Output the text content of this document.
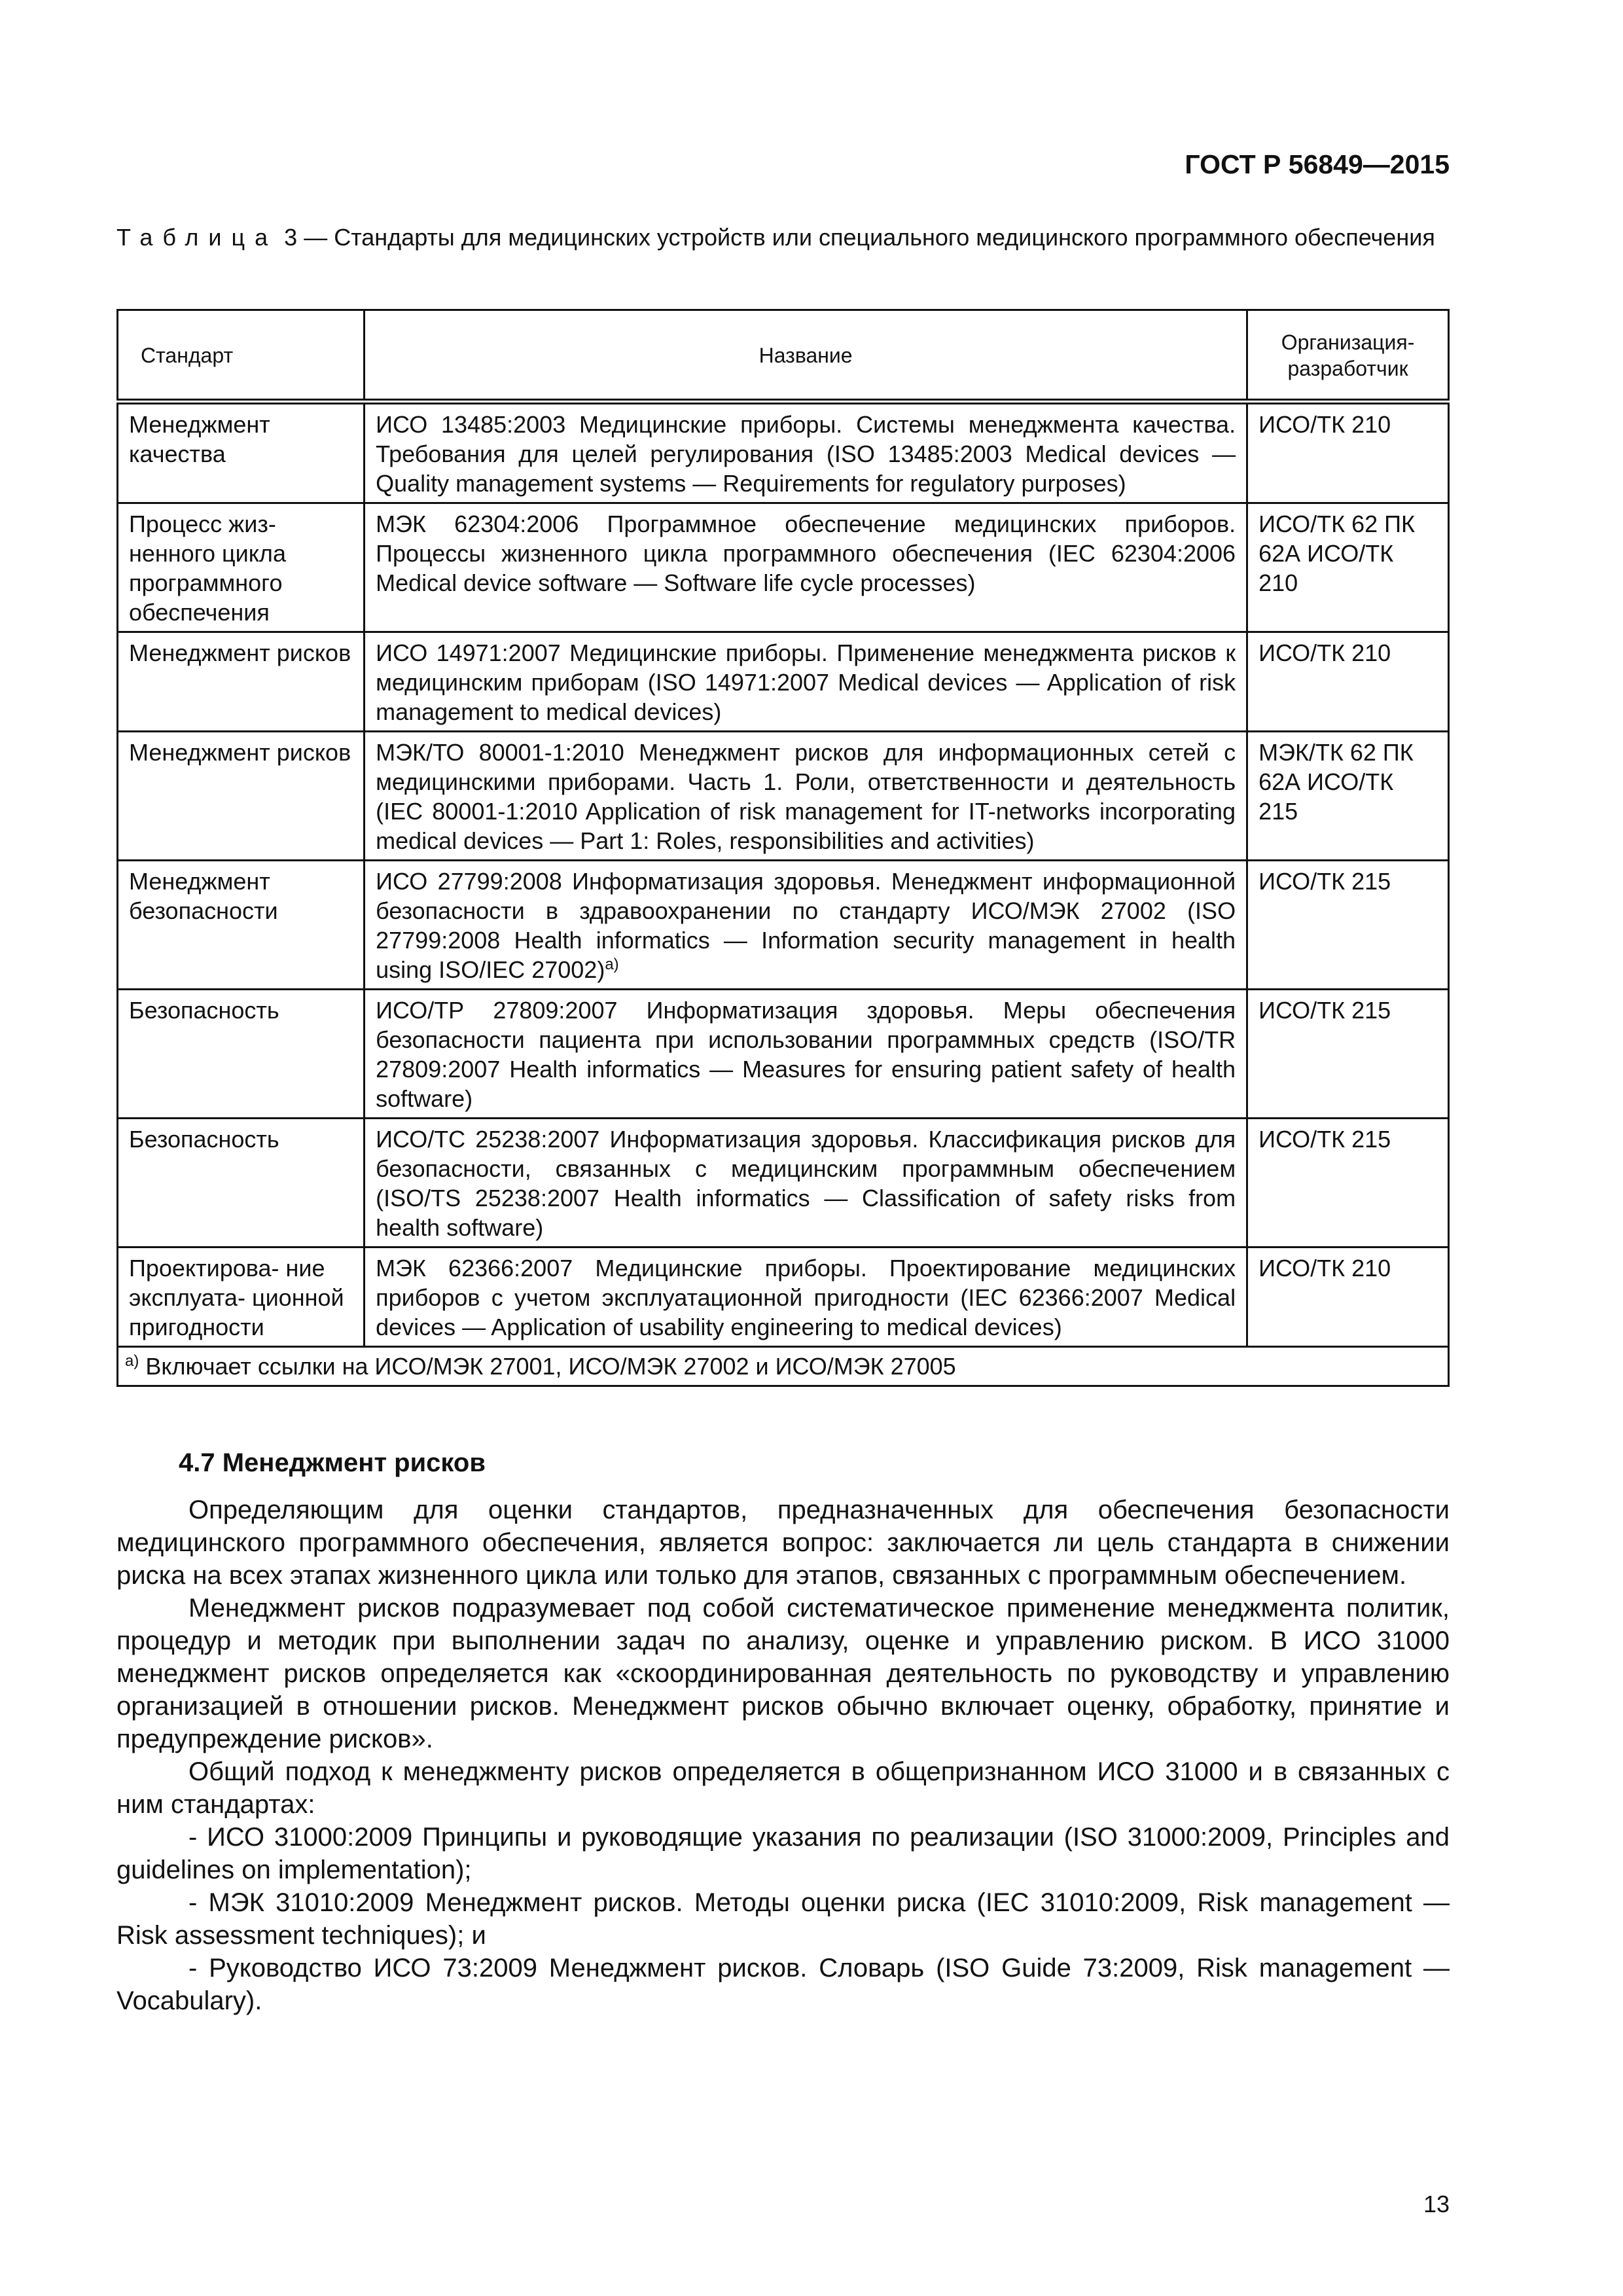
ГОСТ Р 56849—2015
Таблица 3 — Стандарты для медицинских устройств или специального медицинского программного обеспечения
Стандарт	Название	Организация-разработчик
Менеджмент качества	ИСО 13485:2003 Медицинские приборы. Системы менеджмента качества. Требования для целей регулирования (ISO 13485:2003 Medical devices — Quality management systems — Requirements for regulatory purposes)	ИСО/ТК 210
Процесс жиз- ненного цикла программного обеспечения	МЭК 62304:2006 Программное обеспечение медицинских приборов. Процессы жизненного цикла программного обеспечения (IEC 62304:2006 Medical device software — Software life cycle processes)	ИСО/ТК 62 ПК 62А ИСО/ТК 210
Менеджмент рисков	ИСО 14971:2007 Медицинские приборы. Применение менеджмента рисков к медицинским приборам (ISO 14971:2007 Medical devices — Application of risk management to medical devices)	ИСО/ТК 210
Менеджмент рисков	МЭК/ТО 80001-1:2010 Менеджмент рисков для информационных сетей с медицинскими приборами. Часть 1. Роли, ответственности и деятельность (IEC 80001-1:2010 Application of risk management for IT-networks incorporating medical devices — Part 1: Roles, responsibilities and activities)	МЭК/ТК 62 ПК 62А ИСО/ТК 215
Менеджмент безопасности	ИСО 27799:2008 Информатизация здоровья. Менеджмент информационной безопасности в здравоохранении по стандарту ИСО/МЭК 27002 (ISO 27799:2008 Health informatics — Information security management in health using ISO/IEC 27002)$^{a)}$	ИСО/ТК 215
Безопасность	ИСО/ТР 27809:2007 Информатизация здоровья. Меры обеспечения безопасности пациента при использовании программных средств (ISO/TR 27809:2007 Health informatics — Measures for ensuring patient safety of health software)	ИСО/ТК 215
Безопасность	ИСО/ТС 25238:2007 Информатизация здоровья. Классификация рисков для безопасности, связанных с медицинским программным обеспечением (ISO/TS 25238:2007 Health informatics — Classification of safety risks from health software)	ИСО/ТК 215
Проектирова- ние эксплуата- ционной пригодности	МЭК 62366:2007 Медицинские приборы. Проектирование медицинских приборов с учетом эксплуатационной пригодности (IEC 62366:2007 Medical devices — Application of usability engineering to medical devices)	ИСО/ТК 210
$^{a)}$ Включает ссылки на ИСО/МЭК 27001, ИСО/МЭК 27002 и ИСО/МЭК 27005		
4.7 Менеджмент рисков

Определяющим для оценки стандартов, предназначенных для обеспечения безопасности медицинского программного обеспечения, является вопрос: заключается ли цель стандарта в снижении риска на всех этапах жизненного цикла или только для этапов, связанных с программным обеспечением.

Менеджмент рисков подразумевает под собой систематическое применение менеджмента политик, процедур и методик при выполнении задач по анализу, оценке и управлению риском. В ИСО 31000 менеджмент рисков определяется как «скоординированная деятельность по руководству и управлению организацией в отношении рисков. Менеджмент рисков обычно включает оценку, обработку, принятие и предупреждение рисков».

Общий подход к менеджменту рисков определяется в общепризнанном ИСО 31000 и в связанных с ним стандартах:

- ИСО 31000:2009 Принципы и руководящие указания по реализации (ISO 31000:2009, Principles and guidelines on implementation);

- МЭК 31010:2009 Менеджмент рисков. Методы оценки риска (IEC 31010:2009, Risk management — Risk assessment techniques); и

- Руководство ИСО 73:2009 Менеджмент рисков. Словарь (ISO Guide 73:2009, Risk management — Vocabulary).

13
